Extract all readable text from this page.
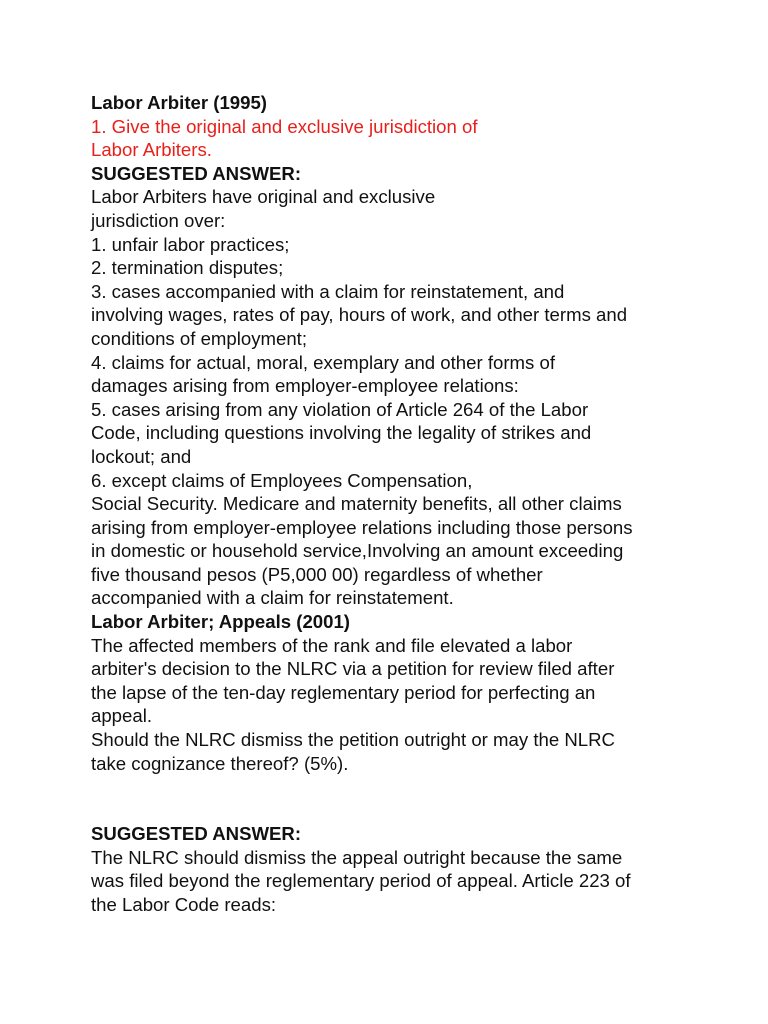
Labor Arbiter (1995)
1. Give the original and exclusive jurisdiction of
Labor Arbiters.
SUGGESTED ANSWER:
Labor Arbiters have original and exclusive
jurisdiction over:
1. unfair labor practices;
2. termination disputes;
3. cases accompanied with a claim for reinstatement, and
involving wages, rates of pay, hours of work, and other terms and
conditions of employment;
4. claims for actual, moral, exemplary and other forms of
damages arising from employer-employee relations:
5. cases arising from any violation of Article 264 of the Labor
Code, including questions involving the legality of strikes and
lockout; and
6. except claims of Employees Compensation,
Social Security. Medicare and maternity benefits, all other claims
arising from employer-employee relations including those persons
in domestic or household service,Involving an amount exceeding
five thousand pesos (P5,000 00) regardless of whether
accompanied with a claim for reinstatement.
Labor Arbiter; Appeals (2001)
The affected members of the rank and file elevated a labor
arbiter's decision to the NLRC via a petition for review filed after
the lapse of the ten-day reglementary period for perfecting an
appeal.
Should the NLRC dismiss the petition outright or may the NLRC
take cognizance thereof? (5%).
SUGGESTED ANSWER:
The NLRC should dismiss the appeal outright because the same
was filed beyond the reglementary period of appeal. Article 223 of
the Labor Code reads:
